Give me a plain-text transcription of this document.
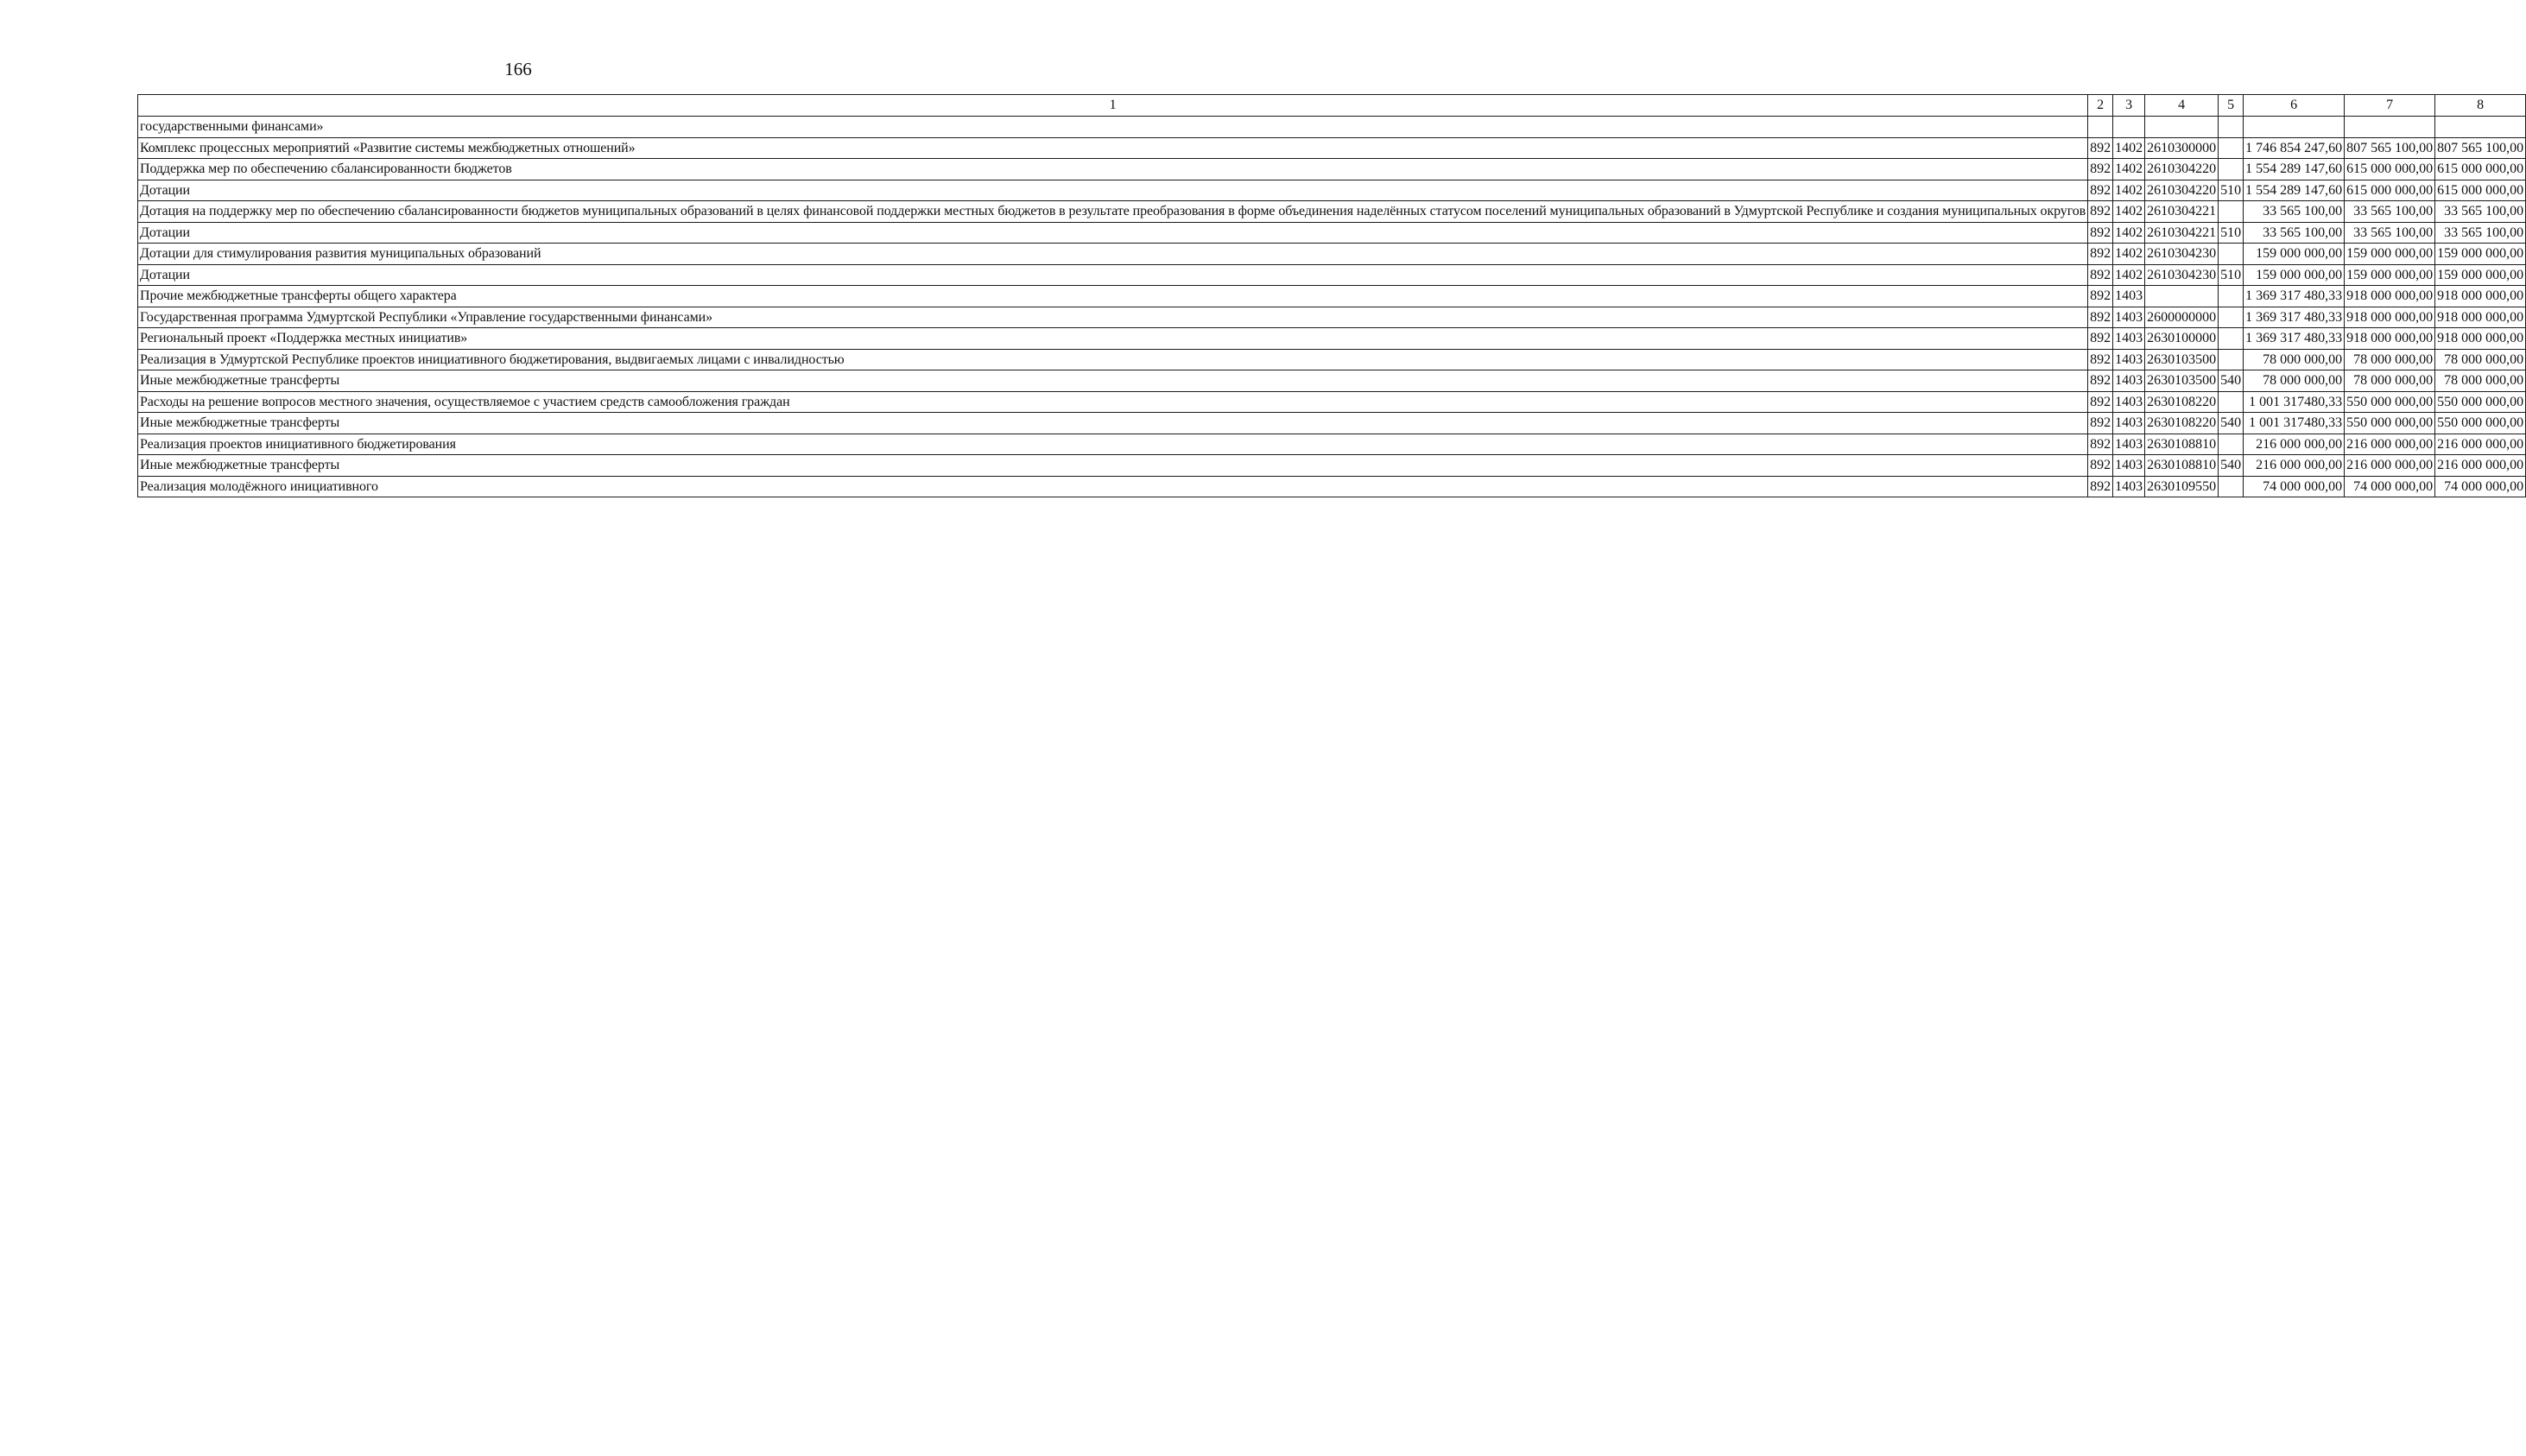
166
1	2	3	4	5	6	7	8
государственными финансами»							
Комплекс процессных мероприятий «Развитие системы межбюджетных отношений»	892	1402	2610300000		1 746 854 247,60	807 565 100,00	807 565 100,00
Поддержка мер по обеспечению сбалансированности бюджетов	892	1402	2610304220		1 554 289 147,60	615 000 000,00	615 000 000,00
Дотации	892	1402	2610304220	510	1 554 289 147,60	615 000 000,00	615 000 000,00
Дотация на поддержку мер по обеспечению сбалансированности бюджетов муниципальных образований в целях финансовой поддержки местных бюджетов в результате преобразования в форме объединения наделённых статусом поселений муниципальных образований в Удмуртской Республике и создания муниципальных округов	892	1402	2610304221		33 565 100,00	33 565 100,00	33 565 100,00
Дотации	892	1402	2610304221	510	33 565 100,00	33 565 100,00	33 565 100,00
Дотации для стимулирования развития муниципальных образований	892	1402	2610304230		159 000 000,00	159 000 000,00	159 000 000,00
Дотации	892	1402	2610304230	510	159 000 000,00	159 000 000,00	159 000 000,00
Прочие межбюджетные трансферты общего характера	892	1403			1 369 317 480,33	918 000 000,00	918 000 000,00
Государственная программа Удмуртской Республики «Управление государственными финансами»	892	1403	2600000000		1 369 317 480,33	918 000 000,00	918 000 000,00
Региональный проект «Поддержка местных инициатив»	892	1403	2630100000		1 369 317 480,33	918 000 000,00	918 000 000,00
Реализация в Удмуртской Республике проектов инициативного бюджетирования, выдвигаемых лицами с инвалидностью	892	1403	2630103500		78 000 000,00	78 000 000,00	78 000 000,00
Иные межбюджетные трансферты	892	1403	2630103500	540	78 000 000,00	78 000 000,00	78 000 000,00
Расходы на решение вопросов местного значения, осуществляемое с участием средств самообложения граждан	892	1403	2630108220		1 001 317480,33	550 000 000,00	550 000 000,00
Иные межбюджетные трансферты	892	1403	2630108220	540	1 001 317480,33	550 000 000,00	550 000 000,00
Реализация проектов инициативного бюджетирования	892	1403	2630108810		216 000 000,00	216 000 000,00	216 000 000,00
Иные межбюджетные трансферты	892	1403	2630108810	540	216 000 000,00	216 000 000,00	216 000 000,00
Реализация молодёжного инициативного	892	1403	2630109550		74 000 000,00	74 000 000,00	74 000 000,00
